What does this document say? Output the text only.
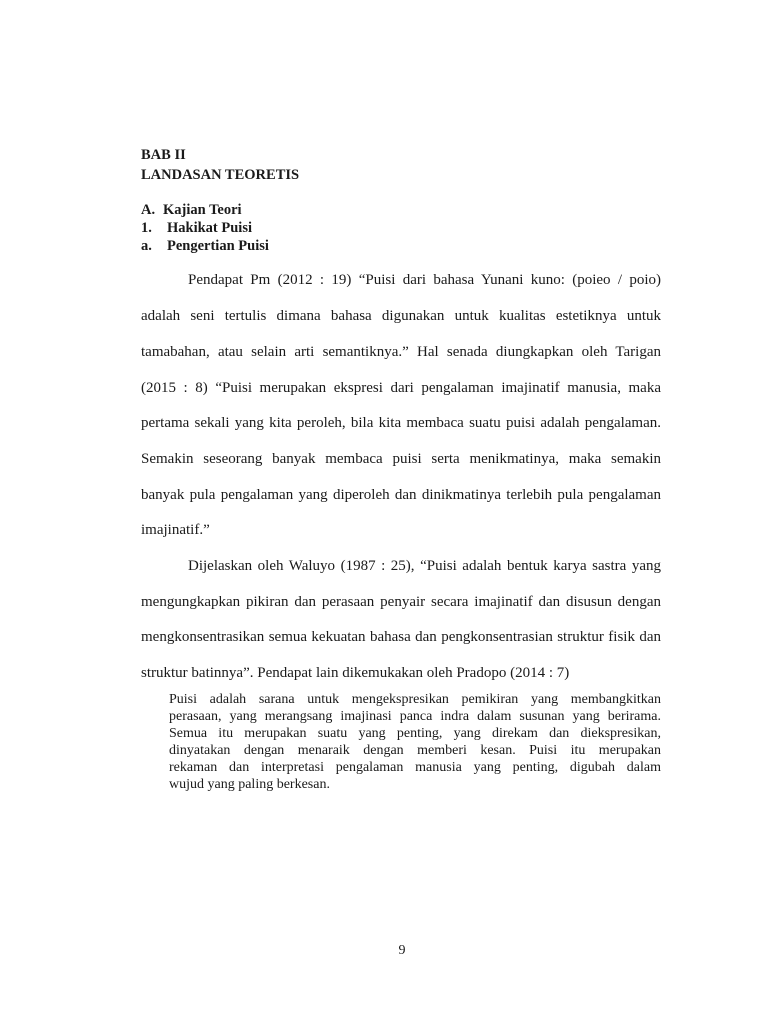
BAB II
LANDASAN TEORETIS
A. Kajian Teori
1. Hakikat Puisi
a. Pengertian Puisi
Pendapat Pm (2012 : 19) “Puisi dari bahasa Yunani kuno: (poieo / poio)
adalah seni tertulis dimana bahasa digunakan untuk kualitas estetiknya untuk
tamabahan, atau selain arti semantiknya.” Hal senada diungkapkan oleh Tarigan
(2015 : 8) “Puisi merupakan ekspresi dari pengalaman imajinatif manusia, maka
pertama sekali yang kita peroleh, bila kita membaca suatu puisi adalah pengalaman.
Semakin seseorang banyak membaca puisi serta menikmatinya, maka semakin
banyak pula pengalaman yang diperoleh dan dinikmatinya terlebih pula pengalaman
imajinatif.”
Dijelaskan oleh Waluyo (1987 : 25), “Puisi adalah bentuk karya sastra yang
mengungkapkan pikiran dan perasaan penyair secara imajinatif dan disusun dengan
mengkonsentrasikan semua kekuatan bahasa dan pengkonsentrasian struktur fisik dan
struktur batinnya”. Pendapat lain dikemukakan oleh Pradopo (2014 : 7)
Puisi adalah sarana untuk mengekspresikan pemikiran yang membangkitkan
perasaan, yang merangsang imajinasi panca indra dalam susunan yang berirama.
Semua itu merupakan suatu yang penting, yang direkam dan diekspresikan,
dinyatakan dengan menaraik dengan memberi kesan. Puisi itu merupakan
rekaman dan interpretasi pengalaman manusia yang penting, digubah dalam
wujud yang paling berkesan.
9
